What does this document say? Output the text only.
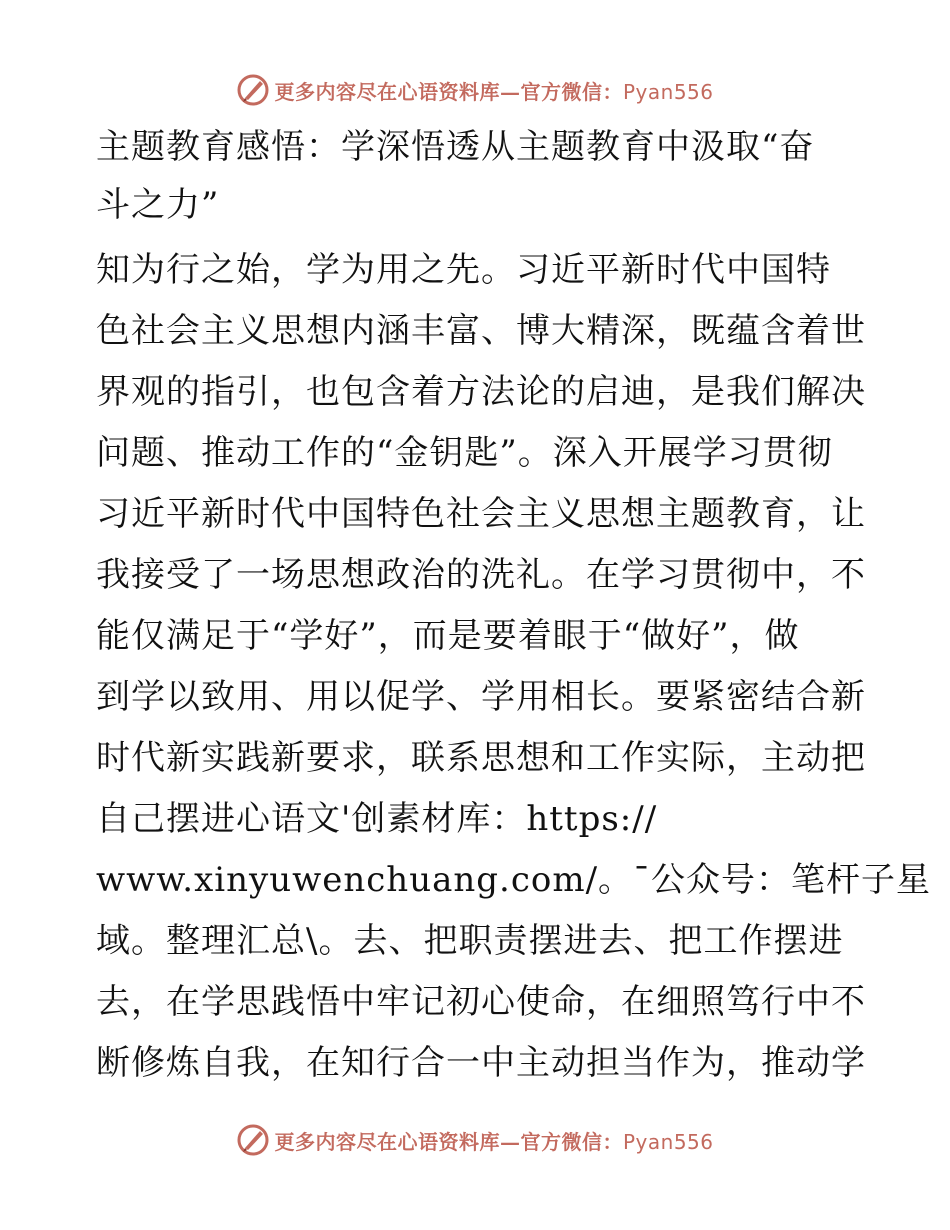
更多内容尽在心语资料库—官方微信：Pyan556
主题教育感悟：学深悟透从主题教育中汲取“奋
斗之力”
知为行之始，学为用之先。习近平新时代中国特
色社会主义思想内涵丰富、博大精深，既蕴含着世
界观的指引，也包含着方法论的启迪，是我们解决
问题、推动工作的“金钥匙”。深入开展学习贯彻
习近平新时代中国特色社会主义思想主题教育，让
我接受了一场思想政治的洗礼。在学习贯彻中，不
能仅满足于“学好”，而是要着眼于“做好”，做
到学以致用、用以促学、学用相长。要紧密结合新
时代新实践新要求，联系思想和工作实际，主动把
自己摆进心语文'创素材库：https://
www.xinyuwenchuang.com/。¯公众号：笔杆子星
域。整理汇总\。去、把职责摆进去、把工作摆进
去，在学思践悟中牢记初心使命，在细照笃行中不
断修炼自我，在知行合一中主动担当作为，推动学
更多内容尽在心语资料库—官方微信：Pyan556
